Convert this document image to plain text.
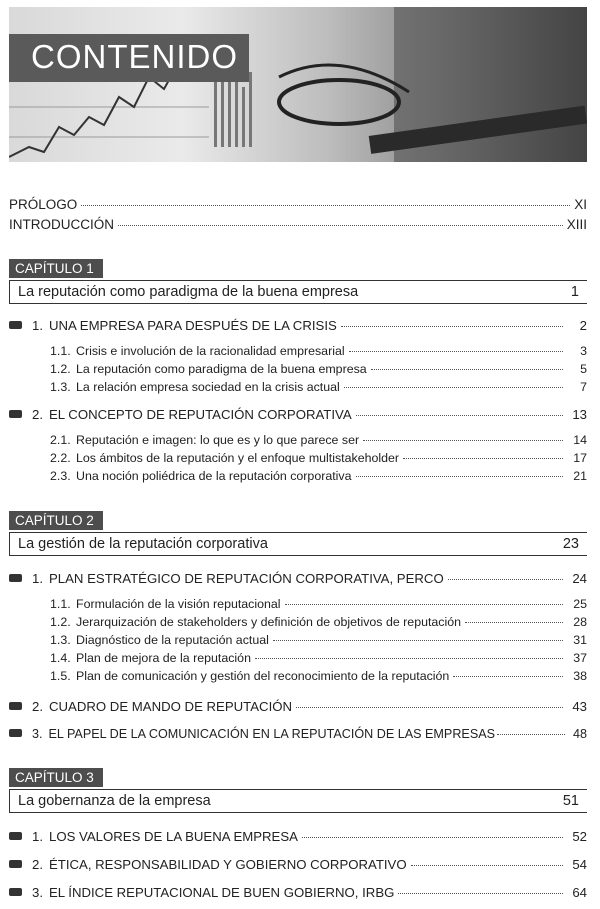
CONTENIDO
PRÓLOGO	XI
INTRODUCCIÓN	XIII
CAPÍTULO 1
La reputación como paradigma de la buena empresa	1
1. UNA EMPRESA PARA DESPUÉS DE LA CRISIS	2
1.1. Crisis e involución de la racionalidad empresarial	3
1.2. La reputación como paradigma de la buena empresa	5
1.3. La relación empresa sociedad en la crisis actual	7
2. EL CONCEPTO DE REPUTACIÓN CORPORATIVA	13
2.1. Reputación e imagen: lo que es y lo que parece ser	14
2.2. Los ámbitos de la reputación y el enfoque multistakeholder	17
2.3. Una noción poliédrica de la reputación corporativa	21
CAPÍTULO 2
La gestión de la reputación corporativa	23
1. PLAN ESTRATÉGICO DE REPUTACIÓN CORPORATIVA, PERCO	24
1.1. Formulación de la visión reputacional	25
1.2. Jerarquización de stakeholders y definición de objetivos de reputación	28
1.3. Diagnóstico de la reputación actual	31
1.4. Plan de mejora de la reputación	37
1.5. Plan de comunicación y gestión del reconocimiento de la reputación	38
2. CUADRO DE MANDO DE REPUTACIÓN	43
3. EL PAPEL DE LA COMUNICACIÓN EN LA REPUTACIÓN DE LAS EMPRESAS	48
CAPÍTULO 3
La gobernanza de la empresa	51
1. LOS VALORES DE LA BUENA EMPRESA	52
2. ÉTICA, RESPONSABILIDAD Y GOBIERNO CORPORATIVO	54
3. EL ÍNDICE REPUTACIONAL DE BUEN GOBIERNO, IRBG	64
